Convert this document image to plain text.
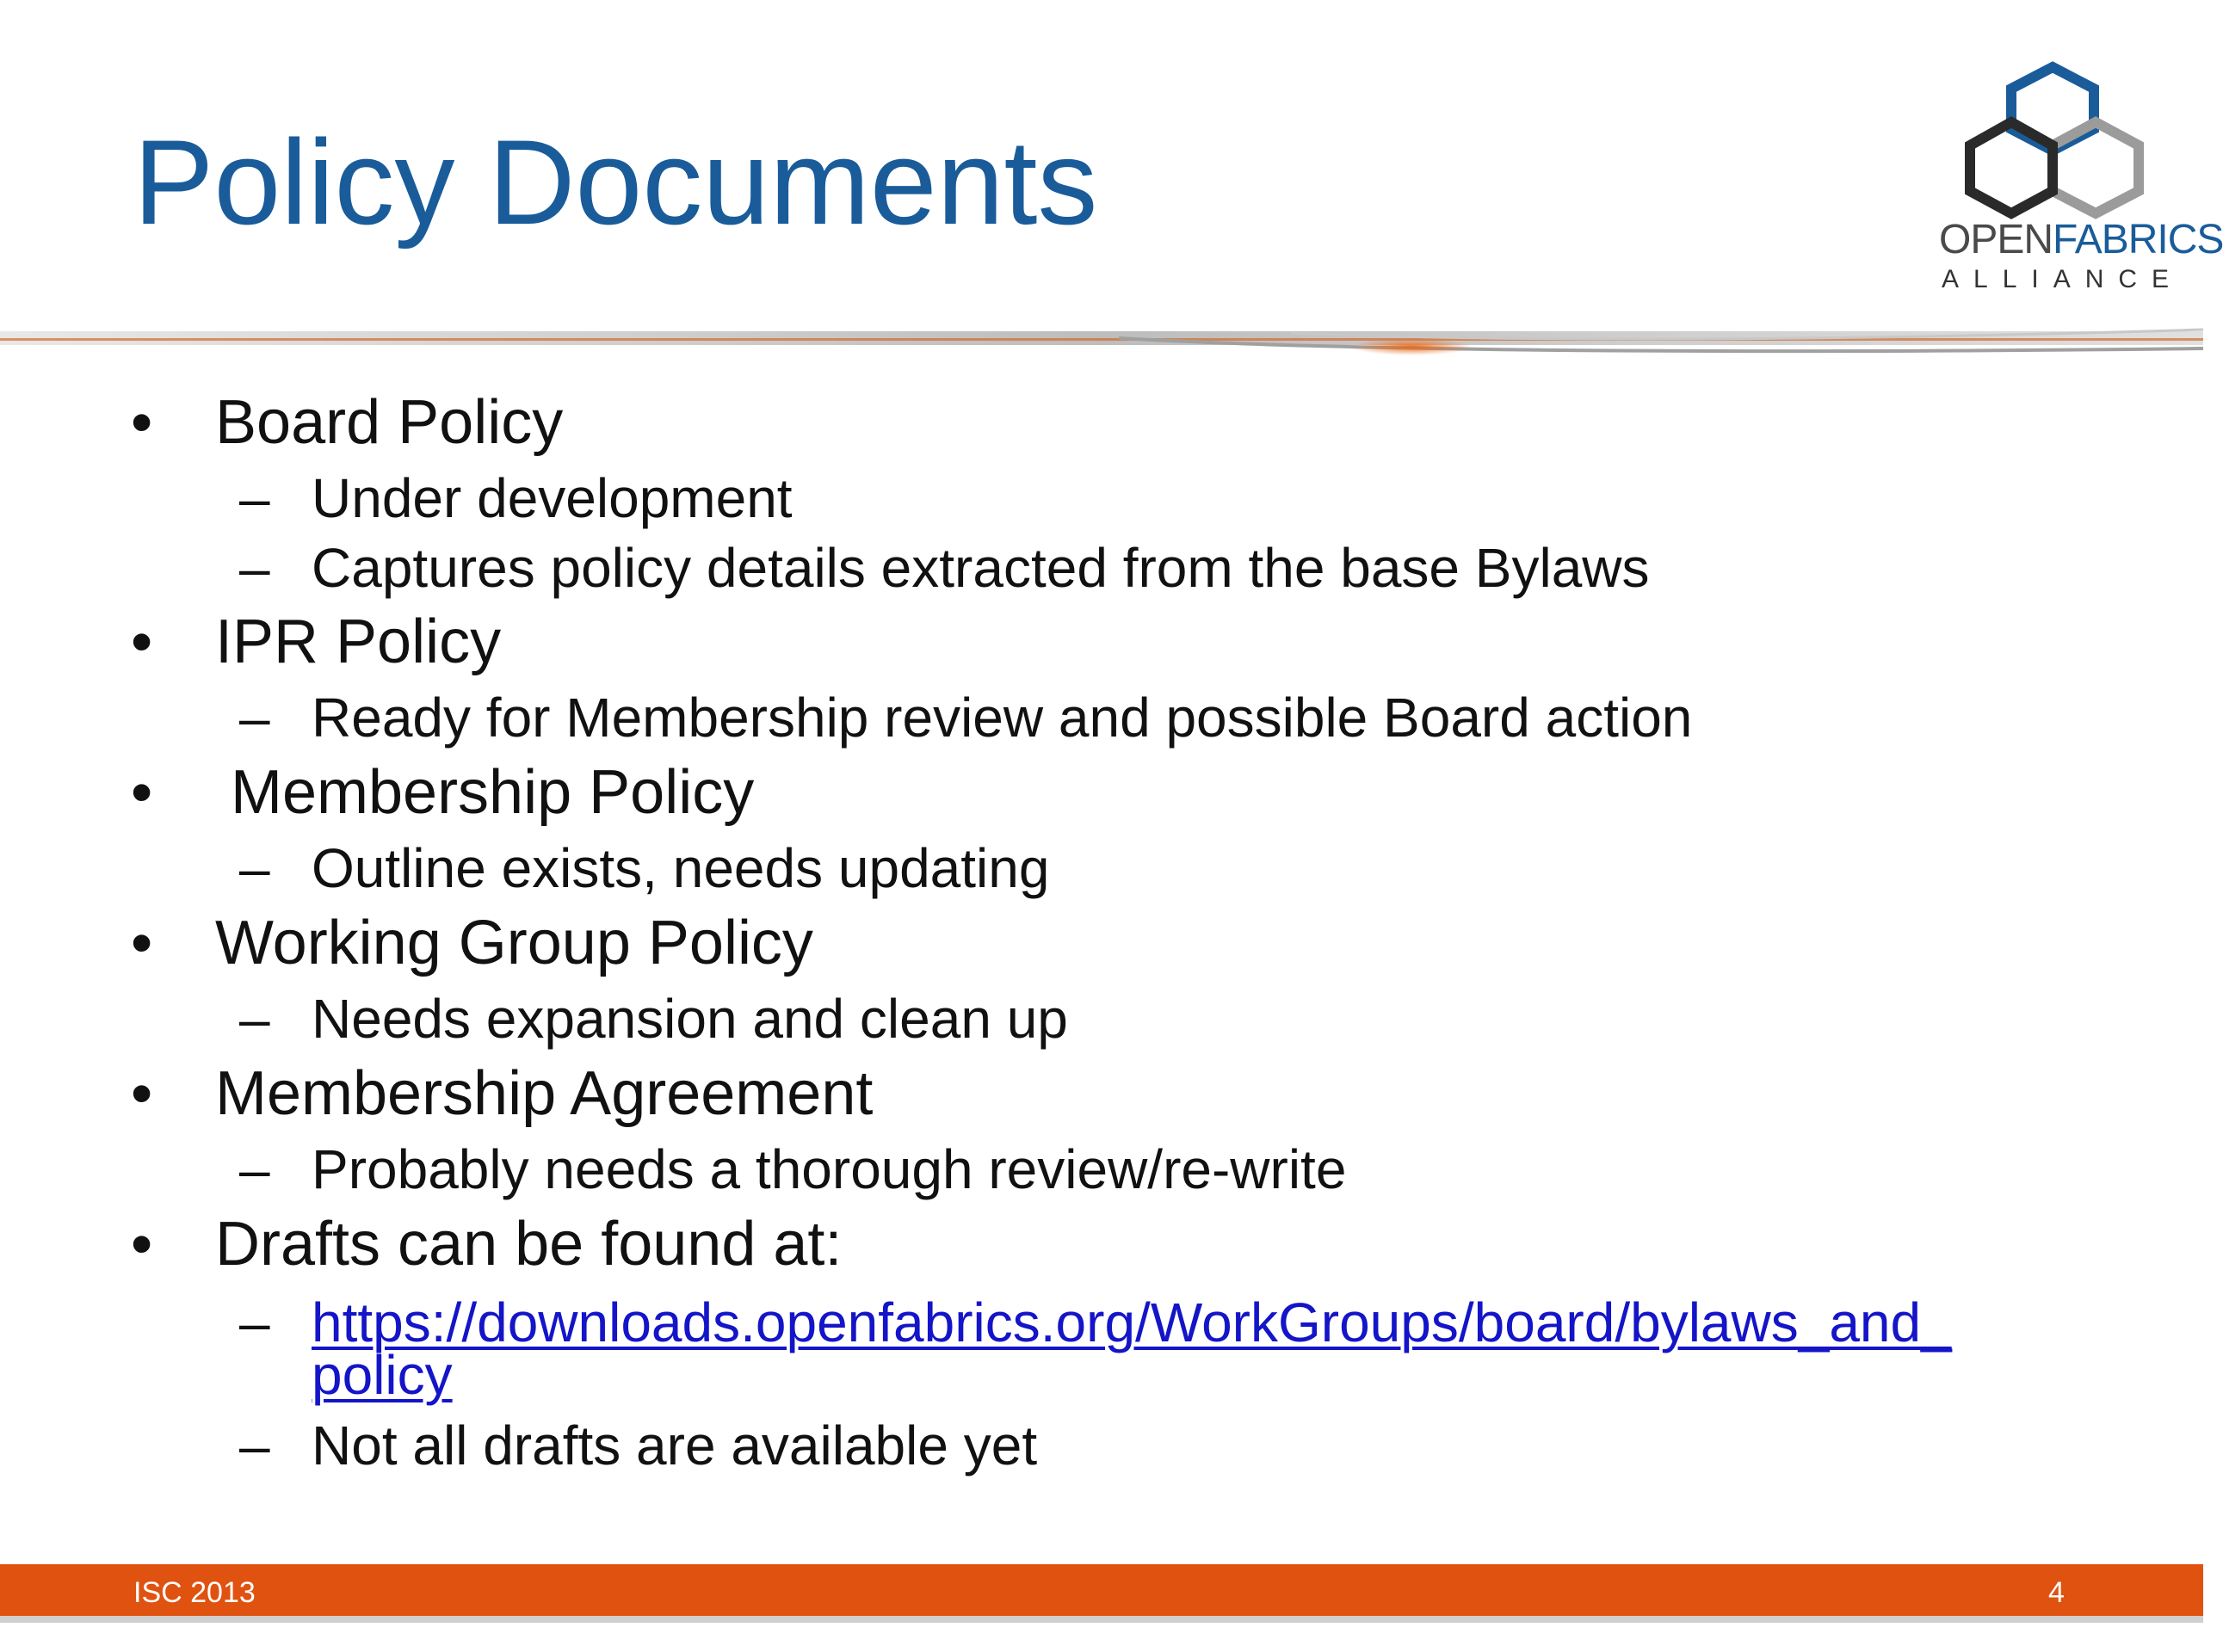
Policy Documents	OPENFABRICS
ALLIANCE
• Board Policy
– Under development
– Captures policy details extracted from the base Bylaws
• IPR Policy
– Ready for Membership review and possible Board action
• Membership Policy
– Outline exists, needs updating
• Working Group Policy
– Needs expansion and clean up
• Membership Agreement
– Probably needs a thorough review/re-write
• Drafts can be found at:
– https://downloads.openfabrics.org/WorkGroups/board/bylaws_and_
policy
– Not all drafts are available yet
ISC 2013	4
